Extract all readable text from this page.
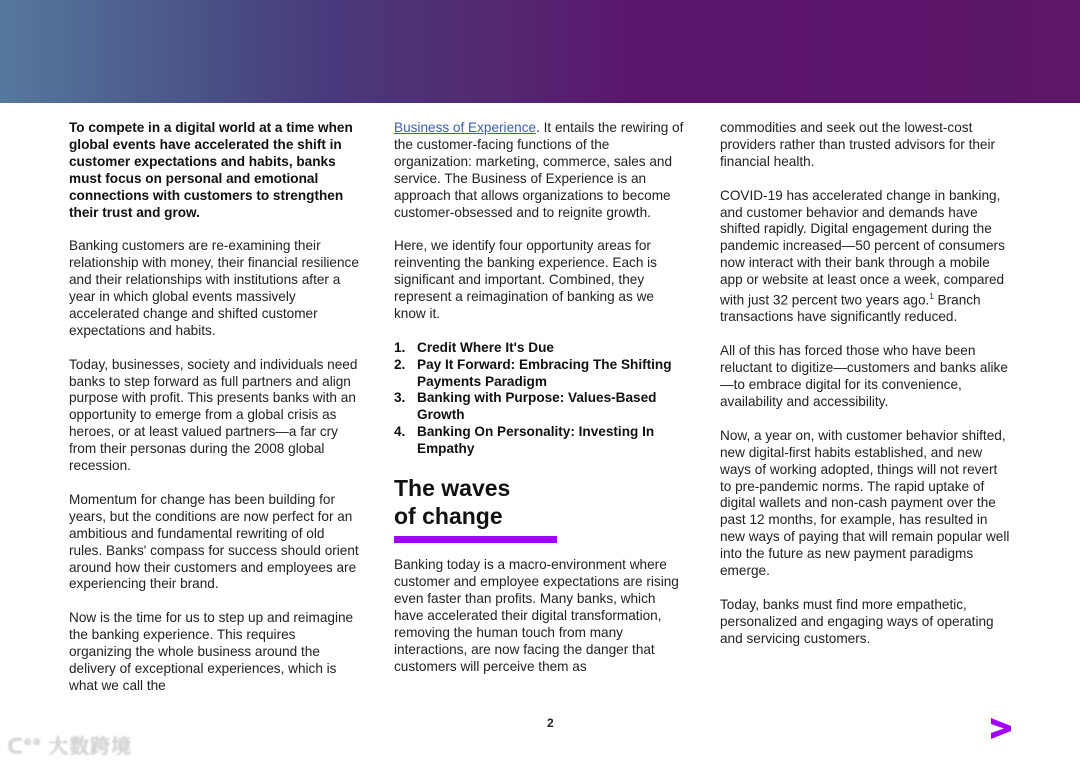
To compete in a digital world at a time when global events have accelerated the shift in customer expectations and habits, banks must focus on personal and emotional connections with customers to strengthen their trust and grow.

Banking customers are re-examining their relationship with money, their financial resilience and their relationships with institutions after a year in which global events massively accelerated change and shifted customer expectations and habits.

Today, businesses, society and individuals need banks to step forward as full partners and align purpose with profit. This presents banks with an opportunity to emerge from a global crisis as heroes, or at least valued partners—a far cry from their personas during the 2008 global recession.

Momentum for change has been building for years, but the conditions are now perfect for an ambitious and fundamental rewriting of old rules. Banks' compass for success should orient around how their customers and employees are experiencing their brand.

Now is the time for us to step up and reimagine the banking experience. This requires organizing the whole business around the delivery of exceptional experiences, which is what we call the

Business of Experience. It entails the rewiring of the customer-facing functions of the organization: marketing, commerce, sales and service. The Business of Experience is an approach that allows organizations to become customer-obsessed and to reignite growth.

Here, we identify four opportunity areas for reinventing the banking experience. Each is significant and important. Combined, they represent a reimagination of banking as we know it.

1. Credit Where It's Due
2. Pay It Forward: Embracing The Shifting Payments Paradigm
3. Banking with Purpose: Values-Based Growth
4. Banking On Personality: Investing In Empathy
The waves
of change

Banking today is a macro-environment where customer and employee expectations are rising even faster than profits. Many banks, which have accelerated their digital transformation, removing the human touch from many interactions, are now facing the danger that customers will perceive them as

commodities and seek out the lowest-cost providers rather than trusted advisors for their financial health.

COVID-19 has accelerated change in banking, and customer behavior and demands have shifted rapidly. Digital engagement during the pandemic increased—50 percent of consumers now interact with their bank through a mobile app or website at least once a week, compared with just 32 percent two years ago.$^1$ Branch transactions have significantly reduced.

All of this has forced those who have been reluctant to digitize—customers and banks alike—to embrace digital for its convenience, availability and accessibility.

Now, a year on, with customer behavior shifted, new digital-first habits established, and new ways of working adopted, things will not revert to pre-pandemic norms. The rapid uptake of digital wallets and non-cash payment over the past 12 months, for example, has resulted in new ways of paying that will remain popular well into the future as new payment paradigms emerge.

Today, banks must find more empathetic, personalized and engaging ways of operating and servicing customers.

2
ᑕ°° 大数跨境
